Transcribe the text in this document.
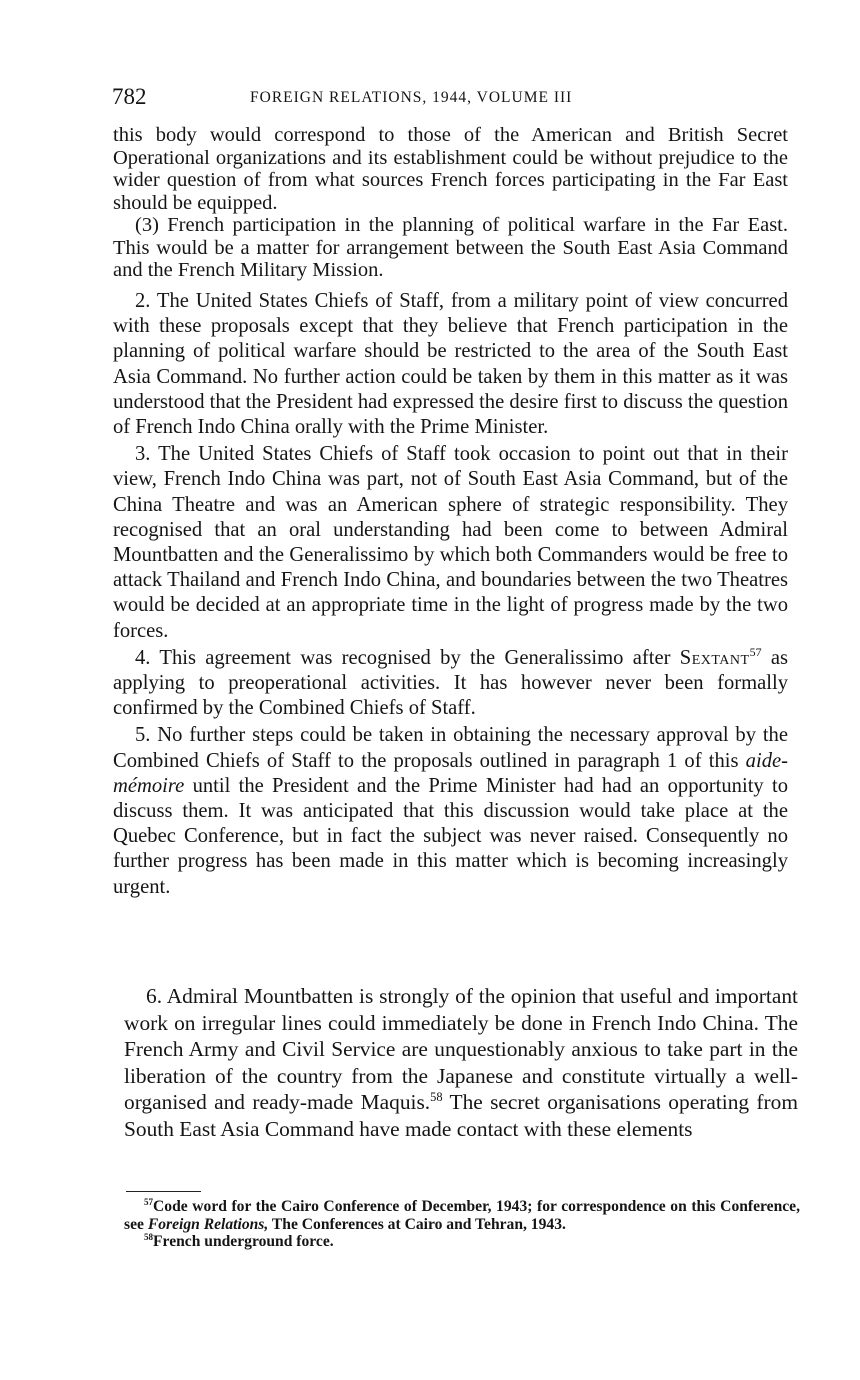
782	FOREIGN RELATIONS, 1944, VOLUME III

this body would correspond to those of the American and British Secret Operational organizations and its establishment could be without prejudice to the wider question of from what sources French forces participating in the Far East should be equipped.

(3) French participation in the planning of political warfare in the Far East. This would be a matter for arrangement between the South East Asia Command and the French Military Mission.

2. The United States Chiefs of Staff, from a military point of view concurred with these proposals except that they believe that French participation in the planning of political warfare should be restricted to the area of the South East Asia Command. No further action could be taken by them in this matter as it was understood that the President had expressed the desire first to discuss the question of French Indo China orally with the Prime Minister.

3. The United States Chiefs of Staff took occasion to point out that in their view, French Indo China was part, not of South East Asia Command, but of the China Theatre and was an American sphere of strategic responsibility. They recognised that an oral understanding had been come to between Admiral Mountbatten and the Generalissimo by which both Commanders would be free to attack Thailand and French Indo China, and boundaries between the two Theatres would be decided at an appropriate time in the light of progress made by the two forces.

4. This agreement was recognised by the Generalissimo after Sextant$^{57}$ as applying to preoperational activities. It has however never been formally confirmed by the Combined Chiefs of Staff.

5. No further steps could be taken in obtaining the necessary approval by the Combined Chiefs of Staff to the proposals outlined in paragraph 1 of this aide-mémoire until the President and the Prime Minister had had an opportunity to discuss them. It was anticipated that this discussion would take place at the Quebec Conference, but in fact the subject was never raised. Consequently no further progress has been made in this matter which is becoming increasingly urgent.

6. Admiral Mountbatten is strongly of the opinion that useful and important work on irregular lines could immediately be done in French Indo China. The French Army and Civil Service are unquestionably anxious to take part in the liberation of the country from the Japanese and constitute virtually a well-organised and ready-made Maquis.$^{58}$ The secret organisations operating from South East Asia Command have made contact with these elements

$^{57}$Code word for the Cairo Conference of December, 1943; for correspondence on this Conference, see Foreign Relations, The Conferences at Cairo and Tehran, 1943.

$^{58}$French underground force.
